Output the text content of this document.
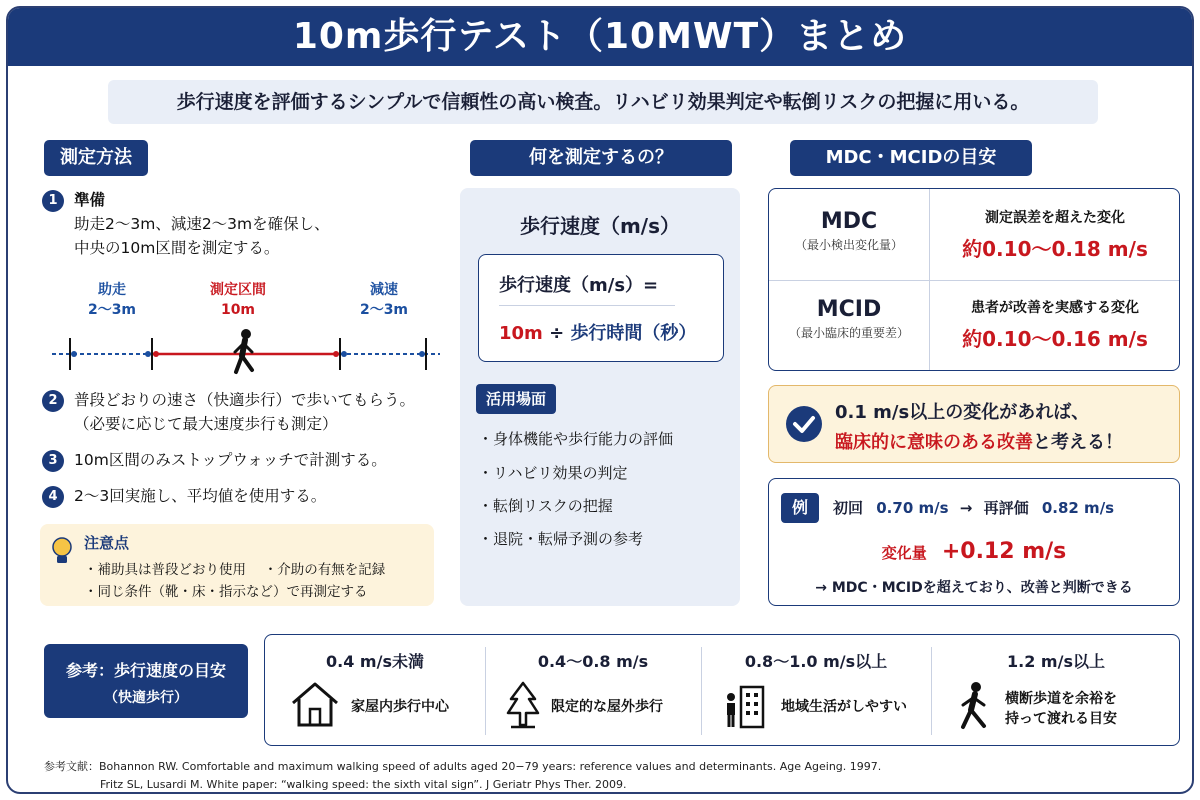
10m歩行テスト（10MWT）まとめ
歩行速度を評価するシンプルで信頼性の高い検査。リハビリ効果判定や転倒リスクの把握に用いる。
測定方法
1 準備
助走2～3m、減速2～3mを確保し、
中央の10m区間を測定する。
助走
2～3m
測定区間
10m
減速
2～3m
2 普段どおりの速さ（快適歩行）で歩いてもらう。
（必要に応じて最大速度歩行も測定）
3 10m区間のみストップウォッチで計測する。
4 2～3回実施し、平均値を使用する。
注意点
・補助具は普段どおり使用　 ・介助の有無を記録
・同じ条件（靴・床・指示など）で再測定する
何を測定するの？
歩行速度（m/s）
歩行速度（m/s）=
10m ÷ 歩行時間（秒）
活用場面
・身体機能や歩行能力の評価
・リハビリ効果の判定
・転倒リスクの把握
・退院・転帰予測の参考
MDC・MCIDの目安
MDC
（最小検出変化量）
測定誤差を超えた変化
約0.10～0.18 m/s
MCID
（最小臨床的重要差）
患者が改善を実感する変化
約0.10～0.16 m/s
0.1 m/s以上の変化があれば、
臨床的に意味のある改善と考える！
例	初回 0.70 m/s → 再評価 0.82 m/s
変化量 +0.12 m/s
→ MDC・MCIDを超えており、改善と判断できる
参考：歩行速度の目安
（快適歩行）
0.4 m/s未満
家屋内歩行中心
0.4～0.8 m/s
限定的な屋外歩行
0.8～1.0 m/s以上
地域生活がしやすい
1.2 m/s以上
横断歩道を余裕を
持って渡れる目安
参考文献：Bohannon RW. Comfortable and maximum walking speed of adults aged 20−79 years: reference values and determinants. Age Ageing. 1997.
Fritz SL, Lusardi M. White paper: “walking speed: the sixth vital sign”. J Geriatr Phys Ther. 2009.
